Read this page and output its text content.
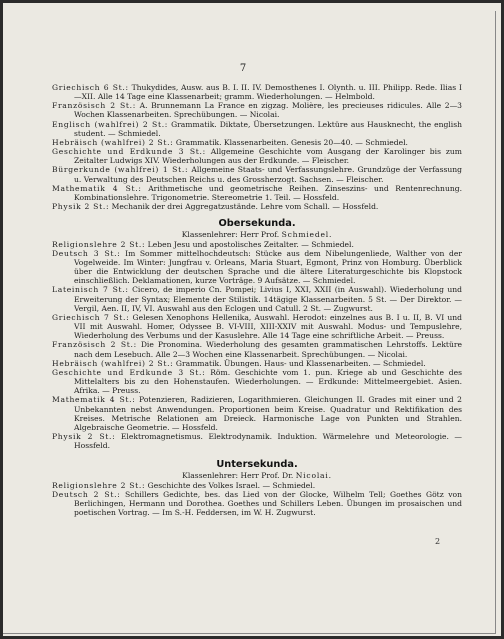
7

Griechisch 6 St.: Thukydides, Ausw. aus B. I. II. IV. Demosthenes I. Olynth. u. III. Philipp. Rede. Ilias I—XII. Alle 14 Tage eine Klassenarbeit; gramm. Wiederholungen. — Helmbold.

Französisch 2 St.: A. Brunnemann La France en zigzag. Molière, les precieuses ridicules. Alle 2—3 Wochen Klassenarbeiten. Sprechübungen. — Nicolai.

Englisch (wahlfrei) 2 St.: Grammatik. Diktate, Übersetzungen. Lektüre aus Hausknecht, the english student. — Schmiedel.

Hebräisch (wahlfrei) 2 St.: Grammatik. Klassenarbeiten. Genesis 20—40. — Schmiedel.

Geschichte und Erdkunde 3 St.: Allgemeine Geschichte vom Ausgang der Karolinger bis zum Zeitalter Ludwigs XIV. Wiederholungen aus der Erdkunde. — Fleischer.

Bürgerkunde (wahlfrei) 1 St.: Allgemeine Staats- und Verfassungslehre. Grundzüge der Verfassung u. Verwaltung des Deutschen Reichs u. des Grossherzogt. Sachsen. — Fleischer.

Mathematik 4 St.: Arithmetische und geometrische Reihen. Zinseszins- und Rentenrechnung. Kombinationslehre. Trigonometrie. Stereometrie 1. Teil. — Hossfeld.

Physik 2 St.: Mechanik der drei Aggregatzustände. Lehre vom Schall. — Hossfeld.

Obersekunda.
Klassenlehrer: Herr Prof. Schmiedel.

Religionslehre 2 St.: Leben Jesu und apostolisches Zeitalter. — Schmiedel.

Deutsch 3 St.: Im Sommer mittelhochdeutsch: Stücke aus dem Nibelungenliede, Walther von der Vogelweide. Im Winter: Jungfrau v. Orleans, Maria Stuart, Egmont, Prinz von Homburg. Überblick über die Entwicklung der deutschen Sprache und die ältere Literaturgeschichte bis Klopstock einschließlich. Deklamationen, kurze Vorträge. 9 Aufsätze. — Schmiedel.

Lateinisch 7 St.: Cicero, de imperio Cn. Pompei; Livius I, XXI, XXII (in Auswahl). Wiederholung und Erweiterung der Syntax; Elemente der Stilistik. 14tägige Klassenarbeiten. 5 St. — Der Direktor. — Vergil, Aen. II, IV, VI. Auswahl aus den Eclogen und Catull. 2 St. — Zugwurst.

Griechisch 7 St.: Gelesen Xenophons Hellenika, Auswahl. Herodot: einzelnes aus B. I u. II, B. VI und VII mit Auswahl. Homer, Odyssee B. VI-VIII, XIII-XXIV mit Auswahl. Modus- und Tempuslehre, Wiederholung des Verbums und der Kasuslehre. Alle 14 Tage eine schriftliche Arbeit. — Preuss.

Französisch 2 St.: Die Pronomina. Wiederholung des gesamten grammatischen Lehrstoffs. Lektüre nach dem Lesebuch. Alle 2—3 Wochen eine Klassenarbeit. Sprechübungen. — Nicolai.

Hebräisch (wahlfrei) 2 St.: Grammatik. Übungen. Haus- und Klassenarbeiten. — Schmiedel.

Geschichte und Erdkunde 3 St.: Röm. Geschichte vom 1. pun. Kriege ab und Geschichte des Mittelalters bis zu den Hohenstaufen. Wiederholungen. — Erdkunde: Mittelmeergebiet. Asien. Afrika. — Preuss.

Mathematik 4 St.: Potenzieren, Radizieren, Logarithmieren. Gleichungen II. Grades mit einer und 2 Unbekannten nebst Anwendungen. Proportionen beim Kreise. Quadratur und Rektifikation des Kreises. Metrische Relationen am Dreieck. Harmonische Lage von Punkten und Strahlen. Algebraische Geometrie. — Hossfeld.

Physik 2 St.: Elektromagnetismus. Elektrodynamik. Induktion. Wärmelehre und Meteorologie. — Hossfeld.

Untersekunda.
Klassenlehrer: Herr Prof. Dr. Nicolai.

Religionslehre 2 St.: Geschichte des Volkes Israel. — Schmiedel.

Deutsch 2 St.: Schillers Gedichte, bes. das Lied von der Glocke, Wilhelm Tell; Goethes Götz von Berlichingen, Hermann und Dorothea. Goethes und Schillers Leben. Übungen im prosaischen und poetischen Vortrag. — Im S.-H. Feddersen, im W. H. Zugwurst.

2
